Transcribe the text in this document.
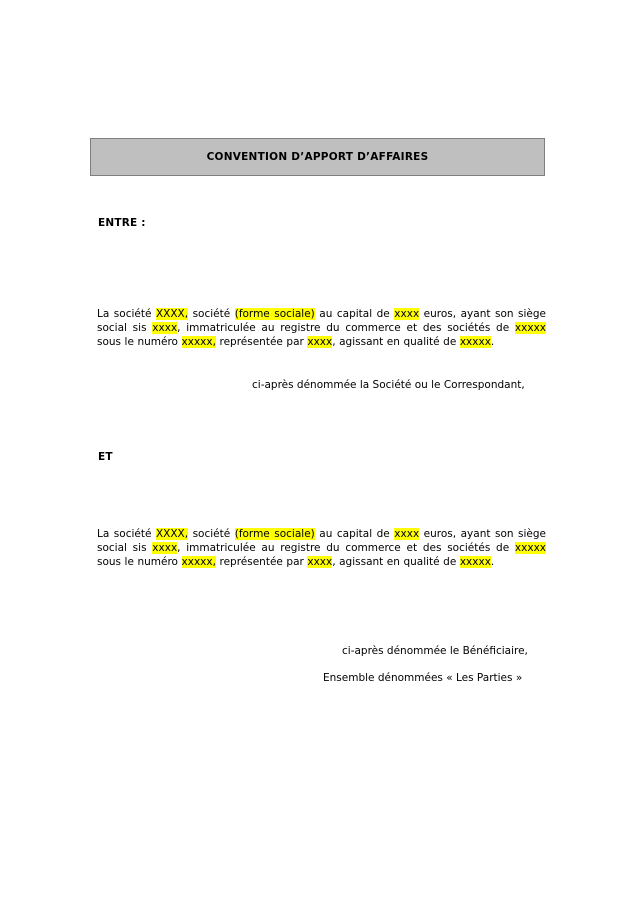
CONVENTION D’APPORT D’AFFAIRES
ENTRE :
La société XXXX, société (forme sociale) au capital de xxxx euros, ayant son siège social sis xxxx, immatriculée au registre du commerce et des sociétés de xxxxx sous le numéro xxxxx, représentée par xxxx, agissant en qualité de xxxxx.
ci-après dénommée la Société ou le Correspondant,
ET
La société XXXX, société (forme sociale) au capital de xxxx euros, ayant son siège social sis xxxx, immatriculée au registre du commerce et des sociétés de xxxxx sous le numéro xxxxx, représentée par xxxx, agissant en qualité de xxxxx.
ci-après dénommée le Bénéficiaire,
Ensemble dénommées « Les Parties »
